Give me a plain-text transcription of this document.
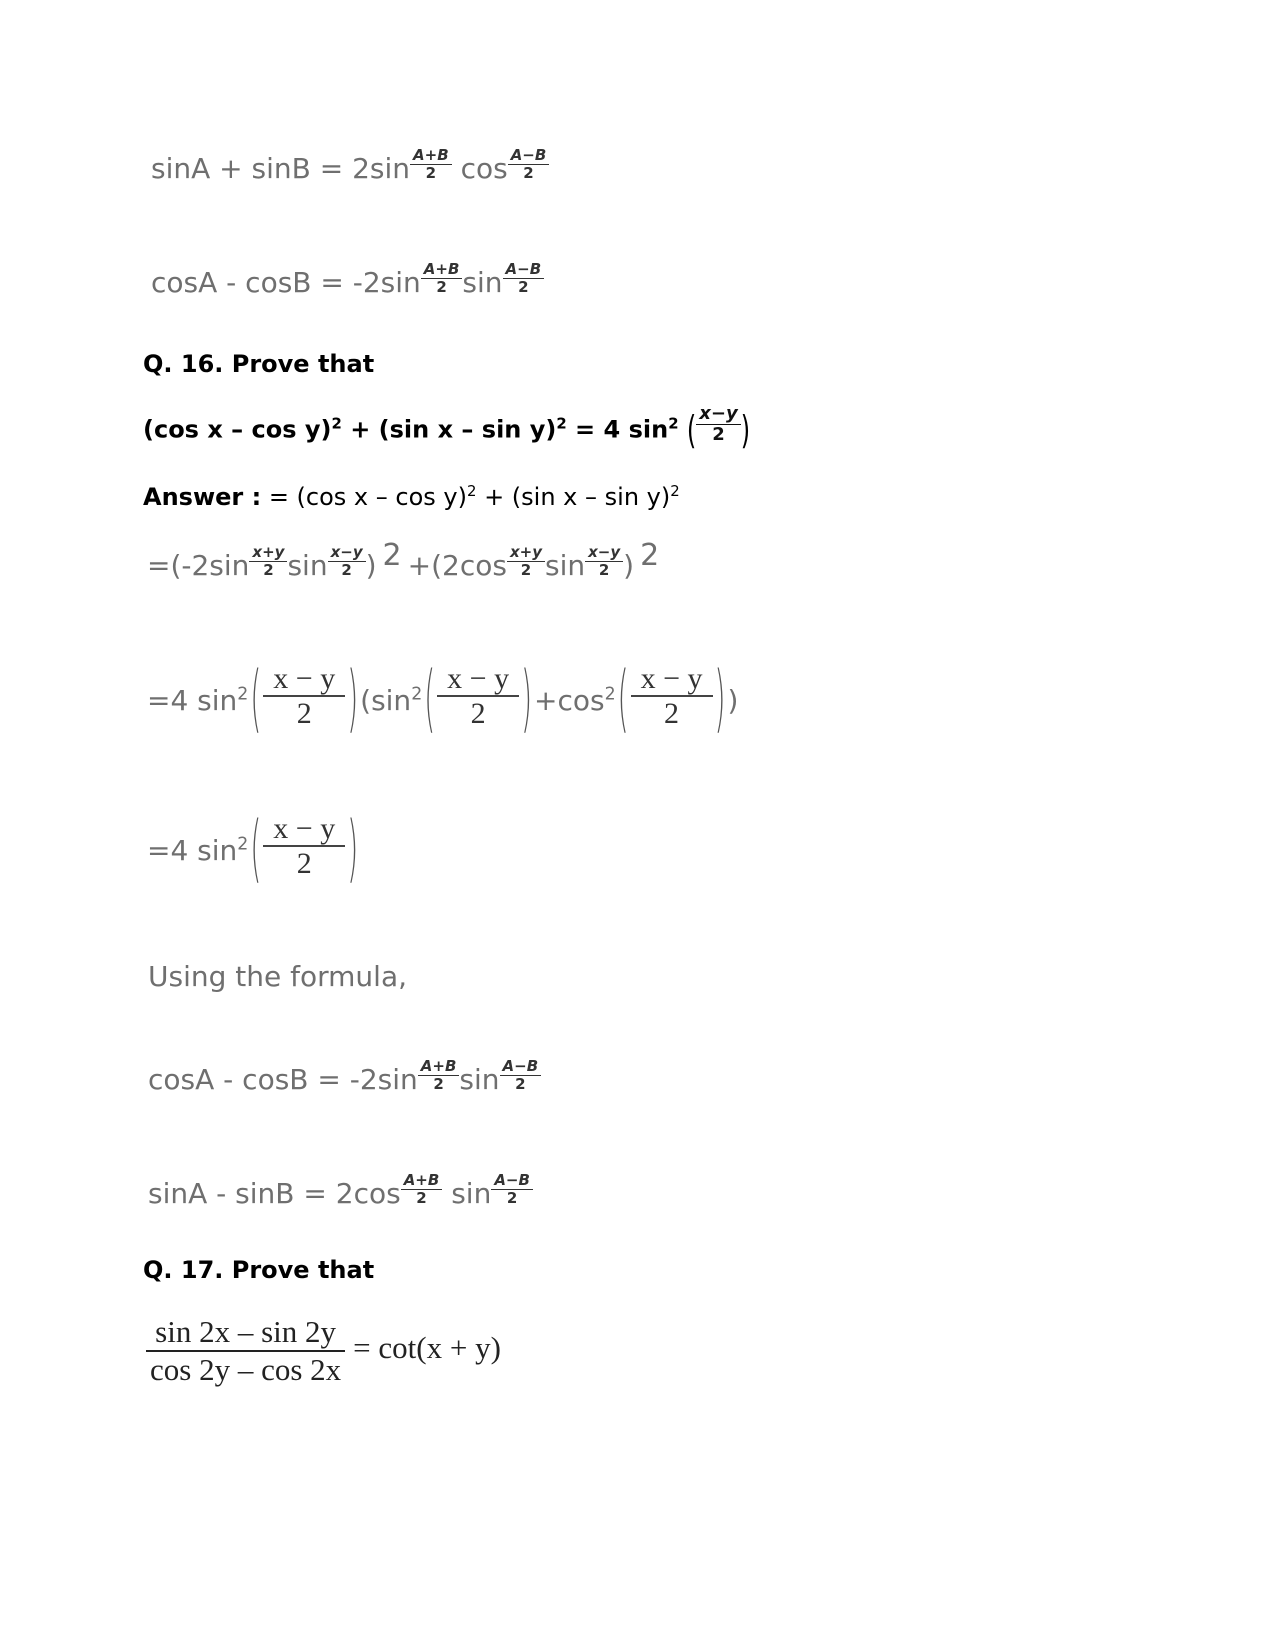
$\sin A + \sin B = 2\sin \frac{A+B}{2}$ $\cos \frac{A-B}{2}$
$\cos A - \cos B = -2\sin \frac{A+B}{2}$ $\sin \frac{A-B}{2}$
Q. 16. Prove that
(cos x – cos y)$^2$ + (sin x – sin y)$^2$ = 4 $\sin^2$ ( $\frac{x-y}{2}$ )
Answer : = (cos x – cos y)$^2$ + (sin x – sin y)$^2$
$=(-2\sin \frac{x+y}{2}$ $\sin \frac{x-y}{2}$ ) $2 +(2\cos \frac{x+y}{2}$ $\sin \frac{x-y}{2}$ ) 2
=4 $\sin^2( \frac{x - y}{2} )(\sin^2( \frac{x - y}{2} )+\cos^2( \frac{x - y}{2}$ ))
=4 $\sin^2( \frac{x - y}{2}$ )
Using the formula,
$\cos A - \cos B = -2\sin \frac{A+B}{2}$ $\sin \frac{A-B}{2}$
$\sin A - \sin B = 2\cos \frac{A+B}{2}$ $\sin \frac{A-B}{2}$
Q. 17. Prove that
$\frac{\sin 2x - \sin 2y}{\cos 2y - \cos 2x} = \cot(x + y)$
